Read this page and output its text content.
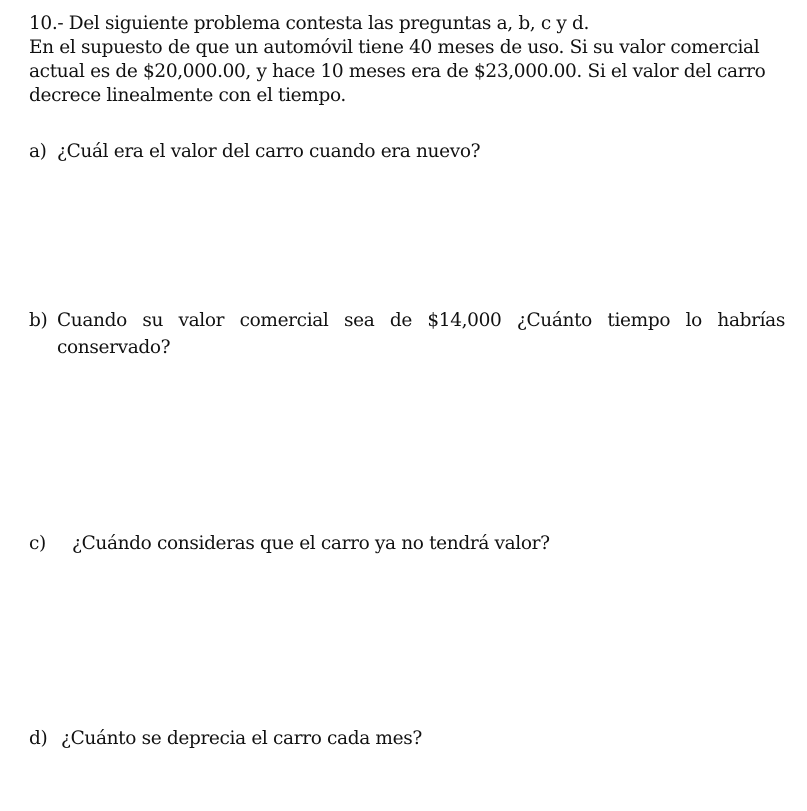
10.- Del siguiente problema contesta las preguntas a, b, c y d.
En el supuesto de que un automóvil tiene 40 meses de uso. Si su valor comercial
actual es de $20,000.00, y hace 10 meses era de $23,000.00. Si el valor del carro
decrece linealmente con el tiempo.
a) ¿Cuál era el valor del carro cuando era nuevo?
b) Cuando su valor comercial sea de $14,000 ¿Cuánto tiempo lo habrías conservado?
c)	¿Cuándo consideras que el carro ya no tendrá valor?
d) ¿Cuánto se deprecia el carro cada mes?
